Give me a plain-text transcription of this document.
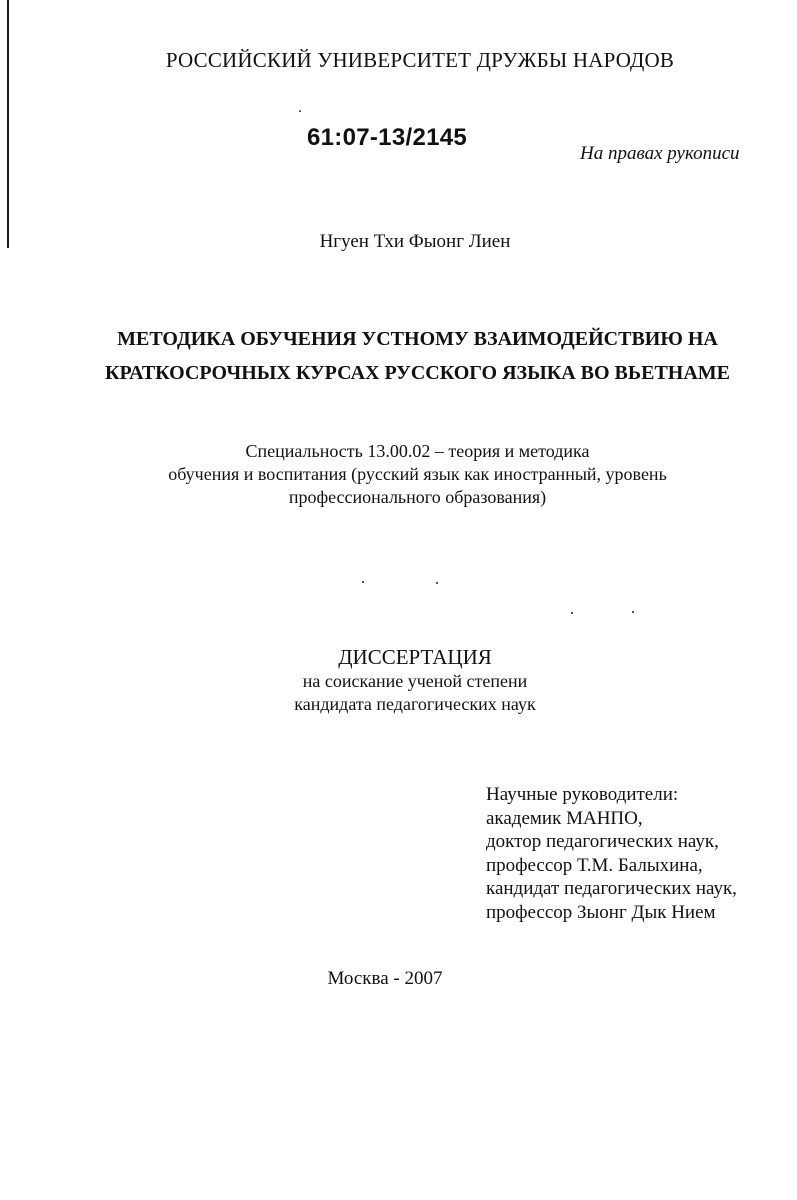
РОССИЙСКИЙ УНИВЕРСИТЕТ ДРУЖБЫ НАРОДОВ
·
61:07-13/2145
На правах рукописи
Нгуен Тхи Фыонг Лиен
МЕТОДИКА ОБУЧЕНИЯ УСТНОМУ ВЗАИМОДЕЙСТВИЮ НА
КРАТКОСРОЧНЫХ КУРСАХ РУССКОГО ЯЗЫКА ВО ВЬЕТНАМЕ
Специальность 13.00.02 – теория и методика
обучения и воспитания (русский язык как иностранный, уровень
профессионального образования)
ДИССЕРТАЦИЯ
на соискание ученой степени
кандидата педагогических наук
Научные руководители:
академик МАНПО,
доктор педагогических наук,
профессор Т.М. Балыхина,
кандидат педагогических наук,
профессор Зыонг Дык Нием
Москва - 2007
